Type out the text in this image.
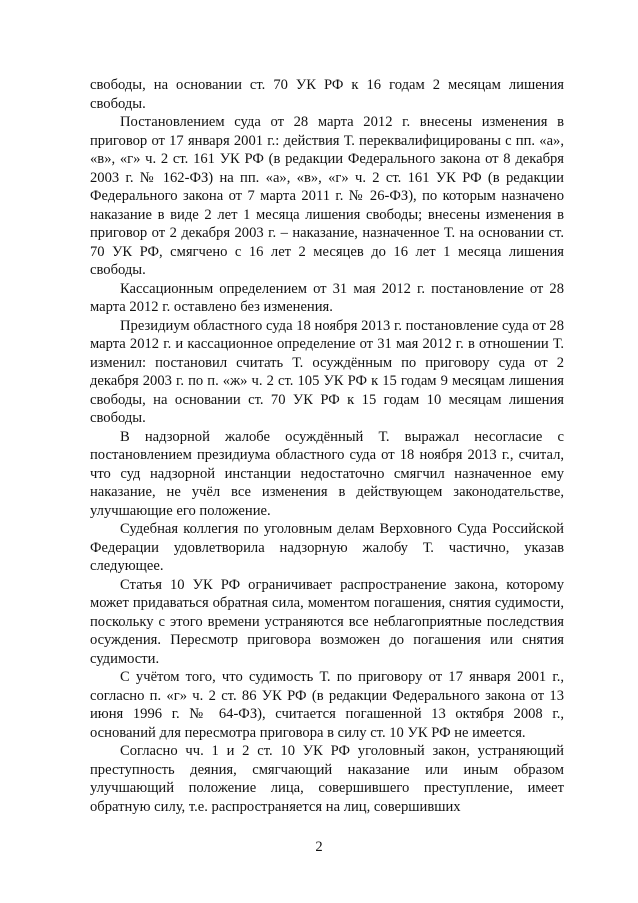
свободы, на основании ст. 70 УК РФ к 16 годам 2 месяцам лишения свободы.

Постановлением суда от 28 марта 2012 г. внесены изменения в приговор от 17 января 2001 г.: действия Т. переквалифицированы с пп. «а», «в», «г» ч. 2 ст. 161 УК РФ (в редакции Федерального закона от 8 декабря 2003 г. № 162-ФЗ) на пп. «а», «в», «г» ч. 2 ст. 161 УК РФ (в редакции Федерального закона от 7 марта 2011 г. № 26-ФЗ), по которым назначено наказание в виде 2 лет 1 месяца лишения свободы; внесены изменения в приговор от 2 декабря 2003 г. – наказание, назначенное Т. на основании ст. 70 УК РФ, смягчено с 16 лет 2 месяцев до 16 лет 1 месяца лишения свободы.

Кассационным определением от 31 мая 2012 г. постановление от 28 марта 2012 г. оставлено без изменения.

Президиум областного суда 18 ноября 2013 г. постановление суда от 28 марта 2012 г. и кассационное определение от 31 мая 2012 г. в отношении Т. изменил: постановил считать Т. осуждённым по приговору суда от 2 декабря 2003 г. по п. «ж» ч. 2 ст. 105 УК РФ к 15 годам 9 месяцам лишения свободы, на основании ст. 70 УК РФ к 15 годам 10 месяцам лишения свободы.

В надзорной жалобе осуждённый Т. выражал несогласие с постановлением президиума областного суда от 18 ноября 2013 г., считал, что суд надзорной инстанции недостаточно смягчил назначенное ему наказание, не учёл все изменения в действующем законодательстве, улучшающие его положение.

Судебная коллегия по уголовным делам Верховного Суда Российской Федерации удовлетворила надзорную жалобу Т. частично, указав следующее.

Статья 10 УК РФ ограничивает распространение закона, которому может придаваться обратная сила, моментом погашения, снятия судимости, поскольку с этого времени устраняются все неблагоприятные последствия осуждения. Пересмотр приговора возможен до погашения или снятия судимости.

С учётом того, что судимость Т. по приговору от 17 января 2001 г., согласно п. «г» ч. 2 ст. 86 УК РФ (в редакции Федерального закона от 13 июня 1996 г. № 64-ФЗ), считается погашенной 13 октября 2008 г., оснований для пересмотра приговора в силу ст. 10 УК РФ не имеется.

Согласно чч. 1 и 2 ст. 10 УК РФ уголовный закон, устраняющий преступность деяния, смягчающий наказание или иным образом улучшающий положение лица, совершившего преступление, имеет обратную силу, т.е. распространяется на лиц, совершивших

2
